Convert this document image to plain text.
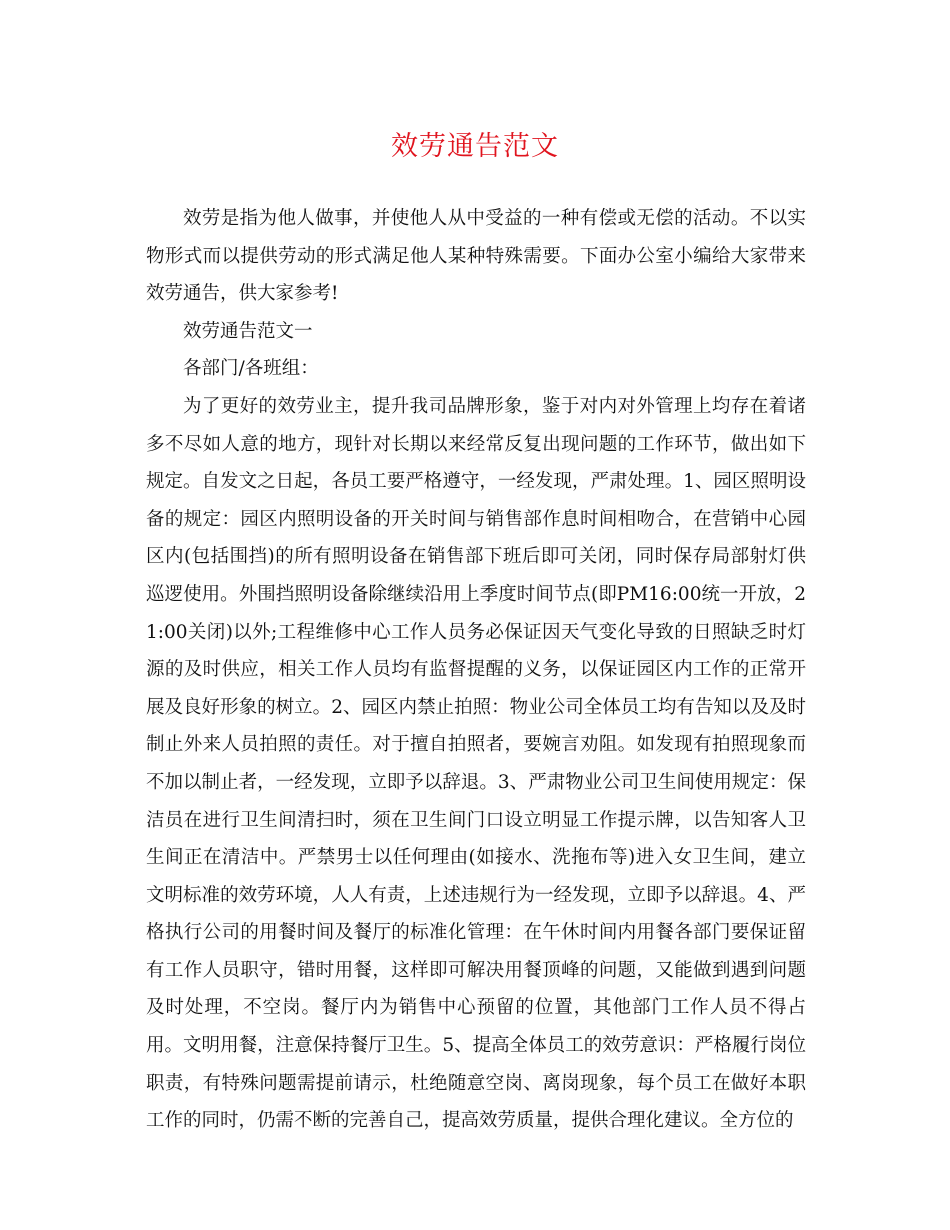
效劳通告范文

效劳是指为他人做事，并使他人从中受益的一种有偿或无偿的活动。不以实物形式而以提供劳动的形式满足他人某种特殊需要。下面办公室小编给大家带来效劳通告，供大家参考!

效劳通告范文一

各部门/各班组：

为了更好的效劳业主，提升我司品牌形象，鉴于对内对外管理上均存在着诸多不尽如人意的地方，现针对长期以来经常反复出现问题的工作环节，做出如下规定。自发文之日起，各员工要严格遵守，一经发现，严肃处理。1、园区照明设备的规定：园区内照明设备的开关时间与销售部作息时间相吻合，在营销中心园区内(包括围挡)的所有照明设备在销售部下班后即可关闭，同时保存局部射灯供巡逻使用。外围挡照明设备除继续沿用上季度时间节点(即PM16:00统一开放，21:00关闭)以外;工程维修中心工作人员务必保证因天气变化导致的日照缺乏时灯源的及时供应，相关工作人员均有监督提醒的义务，以保证园区内工作的正常开展及良好形象的树立。2、园区内禁止拍照：物业公司全体员工均有告知以及及时制止外来人员拍照的责任。对于擅自拍照者，要婉言劝阻。如发现有拍照现象而不加以制止者，一经发现，立即予以辞退。3、严肃物业公司卫生间使用规定：保洁员在进行卫生间清扫时，须在卫生间门口设立明显工作提示牌，以告知客人卫生间正在清洁中。严禁男士以任何理由(如接水、洗拖布等)进入女卫生间，建立文明标准的效劳环境，人人有责，上述违规行为一经发现，立即予以辞退。4、严格执行公司的用餐时间及餐厅的标准化管理：在午休时间内用餐各部门要保证留有工作人员职守，错时用餐，这样即可解决用餐顶峰的问题，又能做到遇到问题及时处理，不空岗。餐厅内为销售中心预留的位置，其他部门工作人员不得占用。文明用餐，注意保持餐厅卫生。5、提高全体员工的效劳意识：严格履行岗位职责，有特殊问题需提前请示，杜绝随意空岗、离岗现象，每个员工在做好本职工作的同时，仍需不断的完善自己，提高效劳质量，提供合理化建议。全方位的
